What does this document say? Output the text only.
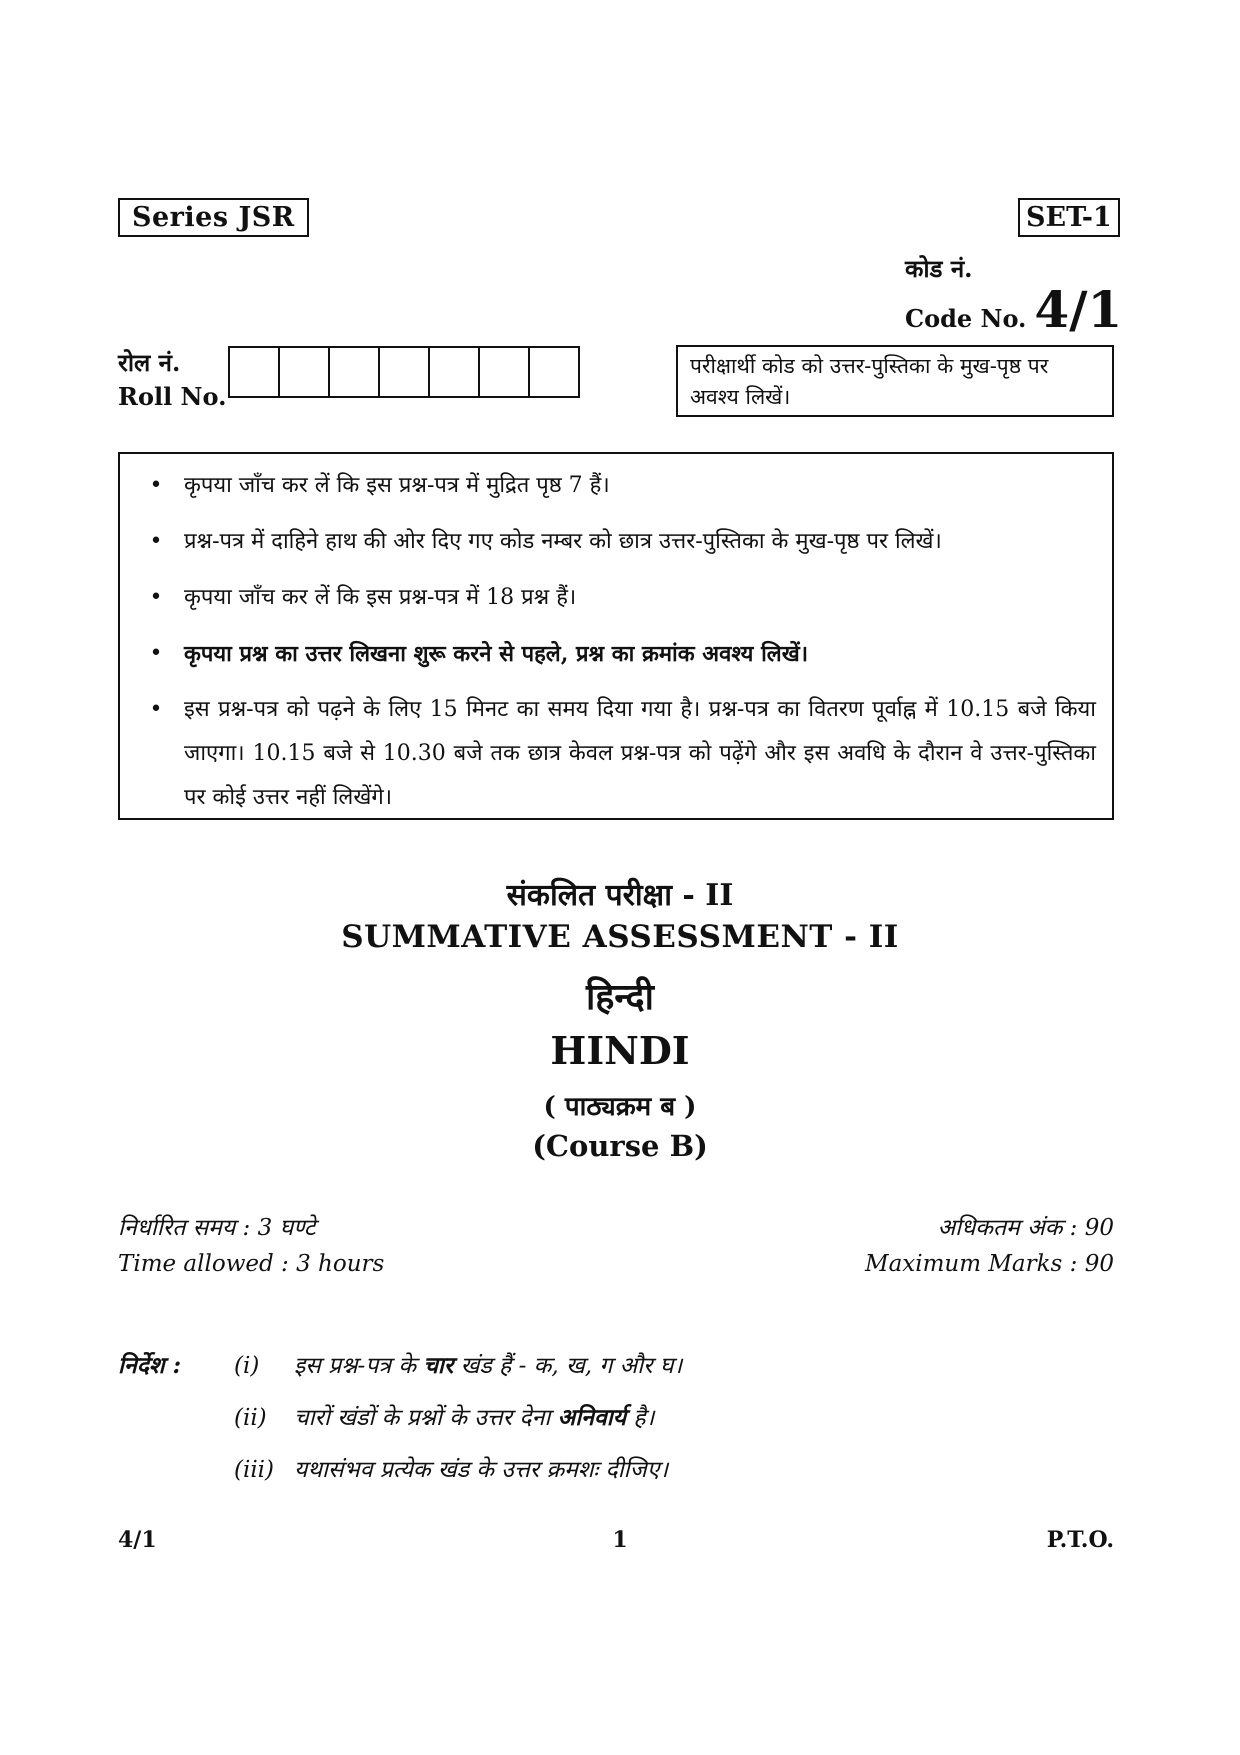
Series JSR	SET-1
कोड नं.
Code No. 4/1
रोल नं.
Roll No.
परीक्षार्थी कोड को उत्तर-पुस्तिका के मुख-पृष्ठ पर अवश्य लिखें।
• कृपया जाँच कर लें कि इस प्रश्न-पत्र में मुद्रित पृष्ठ 7 हैं।
• प्रश्न-पत्र में दाहिने हाथ की ओर दिए गए कोड नम्बर को छात्र उत्तर-पुस्तिका के मुख-पृष्ठ पर लिखें।
• कृपया जाँच कर लें कि इस प्रश्न-पत्र में 18 प्रश्न हैं।
• कृपया प्रश्न का उत्तर लिखना शुरू करने से पहले, प्रश्न का क्रमांक अवश्य लिखें।
• इस प्रश्न-पत्र को पढ़ने के लिए 15 मिनट का समय दिया गया है। प्रश्न-पत्र का वितरण पूर्वाह्न में 10.15 बजे किया जाएगा। 10.15 बजे से 10.30 बजे तक छात्र केवल प्रश्न-पत्र को पढ़ेंगे और इस अवधि के दौरान वे उत्तर-पुस्तिका पर कोई उत्तर नहीं लिखेंगे।
संकलित परीक्षा - II
SUMMATIVE ASSESSMENT - II
हिन्दी
HINDI
( पाठ्यक्रम ब )
(Course B)
निर्धारित समय : 3 घण्टे
Time allowed : 3 hours
अधिकतम अंक : 90
Maximum Marks : 90
निर्देश :	(i)	इस प्रश्न-पत्र के चार खंड हैं - क, ख, ग और घ।
(ii)	चारों खंडों के प्रश्नों के उत्तर देना अनिवार्य है।
(iii) यथासंभव प्रत्येक खंड के उत्तर क्रमशः दीजिए।
4/1	1	P.T.O.
